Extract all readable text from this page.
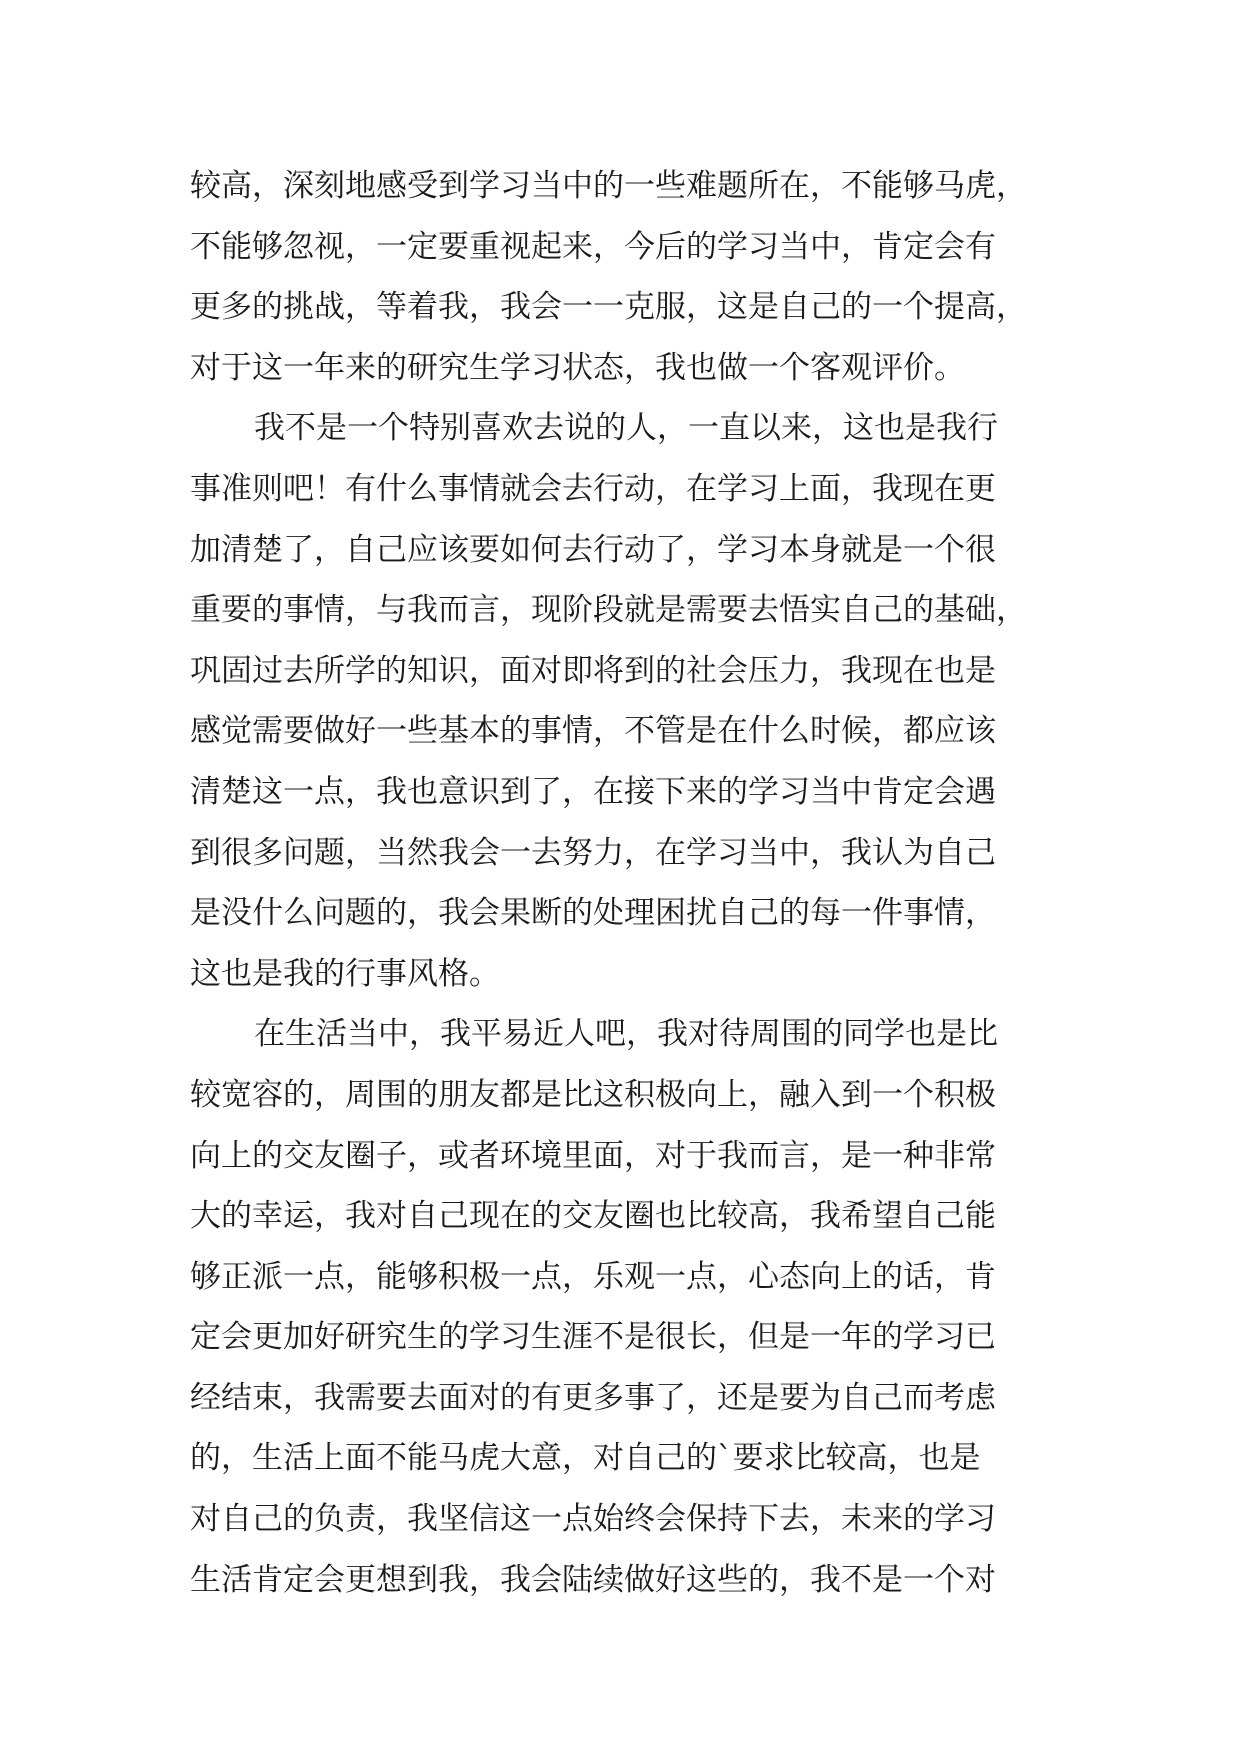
较高，深刻地感受到学习当中的一些难题所在，不能够马虎，
不能够忽视，一定要重视起来，今后的学习当中，肯定会有
更多的挑战，等着我，我会一一克服，这是自己的一个提高，
对于这一年来的研究生学习状态，我也做一个客观评价。
我不是一个特别喜欢去说的人，一直以来，这也是我行
事准则吧！有什么事情就会去行动，在学习上面，我现在更
加清楚了，自己应该要如何去行动了，学习本身就是一个很
重要的事情，与我而言，现阶段就是需要去悟实自己的基础，
巩固过去所学的知识，面对即将到的社会压力，我现在也是
感觉需要做好一些基本的事情，不管是在什么时候，都应该
清楚这一点，我也意识到了，在接下来的学习当中肯定会遇
到很多问题，当然我会一去努力，在学习当中，我认为自己
是没什么问题的，我会果断的处理困扰自己的每一件事情，
这也是我的行事风格。
在生活当中，我平易近人吧，我对待周围的同学也是比
较宽容的，周围的朋友都是比这积极向上，融入到一个积极
向上的交友圈子，或者环境里面，对于我而言，是一种非常
大的幸运，我对自己现在的交友圈也比较高，我希望自己能
够正派一点，能够积极一点，乐观一点，心态向上的话，肯
定会更加好研究生的学习生涯不是很长，但是一年的学习已
经结束，我需要去面对的有更多事了，还是要为自己而考虑
的，生活上面不能马虎大意，对自己的`要求比较高，也是
对自己的负责，我坚信这一点始终会保持下去，未来的学习
生活肯定会更想到我，我会陆续做好这些的，我不是一个对
